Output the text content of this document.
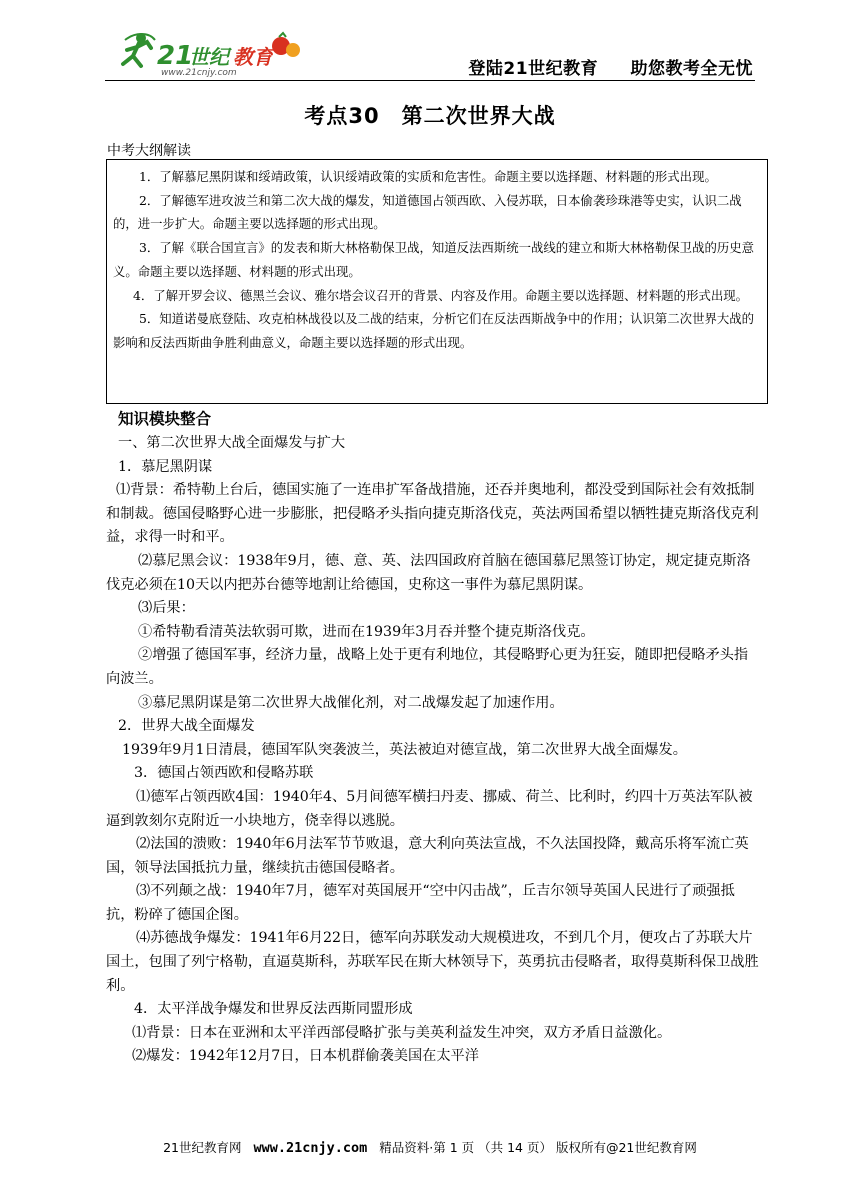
21
世纪 教育
www.21cnjy.com	登陆21世纪教育 助您教考全无忧
考点30　第二次世界大战
中考大纲解读

1．了解慕尼黑阴谋和绥靖政策，认识绥靖政策的实质和危害性。命题主要以选择题、材料题的形式出现。

2．了解德军进攻波兰和第二次大战的爆发，知道德国占领西欧、入侵苏联，日本偷袭珍珠港等史实，认识二战的，进一步扩大。命题主要以选择题的形式出现。

3．了解《联合国宣言》的发表和斯大林格勒保卫战，知道反法西斯统一战线的建立和斯大林格勒保卫战的历史意义。命题主要以选择题、材料题的形式出现。

4．了解开罗会议、德黑兰会议、雅尔塔会议召开的背景、内容及作用。命题主要以选择题、材料题的形式出现。

5．知道诺曼底登陆、攻克柏林战役以及二战的结束，分析它们在反法西斯战争中的作用；认识第二次世界大战的影响和反法西斯曲争胜利曲意义，命题主要以选择题的形式出现。

知识模块整合

一、第二次世界大战全面爆发与扩大

1．慕尼黑阴谋

⑴背景：希特勒上台后，德国实施了一连串扩军备战措施，还吞并奥地利，都没受到国际社会有效抵制和制裁。德国侵略野心进一步膨胀，把侵略矛头指向捷克斯洛伐克，英法两国希望以牺牲捷克斯洛伐克利益，求得一时和平。

⑵慕尼黑会议：1938年9月，德、意、英、法四国政府首脑在德国慕尼黑签订协定，规定捷克斯洛伐克必须在10天以内把苏台德等地割让给德国，史称这一事件为慕尼黑阴谋。

⑶后果：

①希特勒看清英法软弱可欺，进而在1939年3月吞并整个捷克斯洛伐克。

②增强了德国军事，经济力量，战略上处于更有利地位，其侵略野心更为狂妄，随即把侵略矛头指向波兰。

③慕尼黑阴谋是第二次世界大战催化剂，对二战爆发起了加速作用。

2．世界大战全面爆发

1939年9月1日清晨，德国军队突袭波兰，英法被迫对德宣战，第二次世界大战全面爆发。

3．德国占领西欧和侵略苏联

⑴德军占领西欧4国：1940年4、5月间德军横扫丹麦、挪威、荷兰、比利时，约四十万英法军队被逼到敦刻尔克附近一小块地方，侥幸得以逃脱。

⑵法国的溃败：1940年6月法军节节败退，意大利向英法宣战，不久法国投降，戴高乐将军流亡英国，领导法国抵抗力量，继续抗击德国侵略者。

⑶不列颠之战：1940年7月，德军对英国展开“空中闪击战”，丘吉尔领导英国人民进行了顽强抵抗，粉碎了德国企图。

⑷苏德战争爆发：1941年6月22日，德军向苏联发动大规模进攻，不到几个月，便攻占了苏联大片国土，包围了列宁格勒，直逼莫斯科，苏联军民在斯大林领导下，英勇抗击侵略者，取得莫斯科保卫战胜利。

4．太平洋战争爆发和世界反法西斯同盟形成

⑴背景：日本在亚洲和太平洋西部侵略扩张与美英利益发生冲突，双方矛盾日益激化。

⑵爆发：1942年12月7日，日本机群偷袭美国在太平洋

21世纪教育网 www.21cnjy.com 精品资料·第 1 页 （共 14 页） 版权所有@21世纪教育网
